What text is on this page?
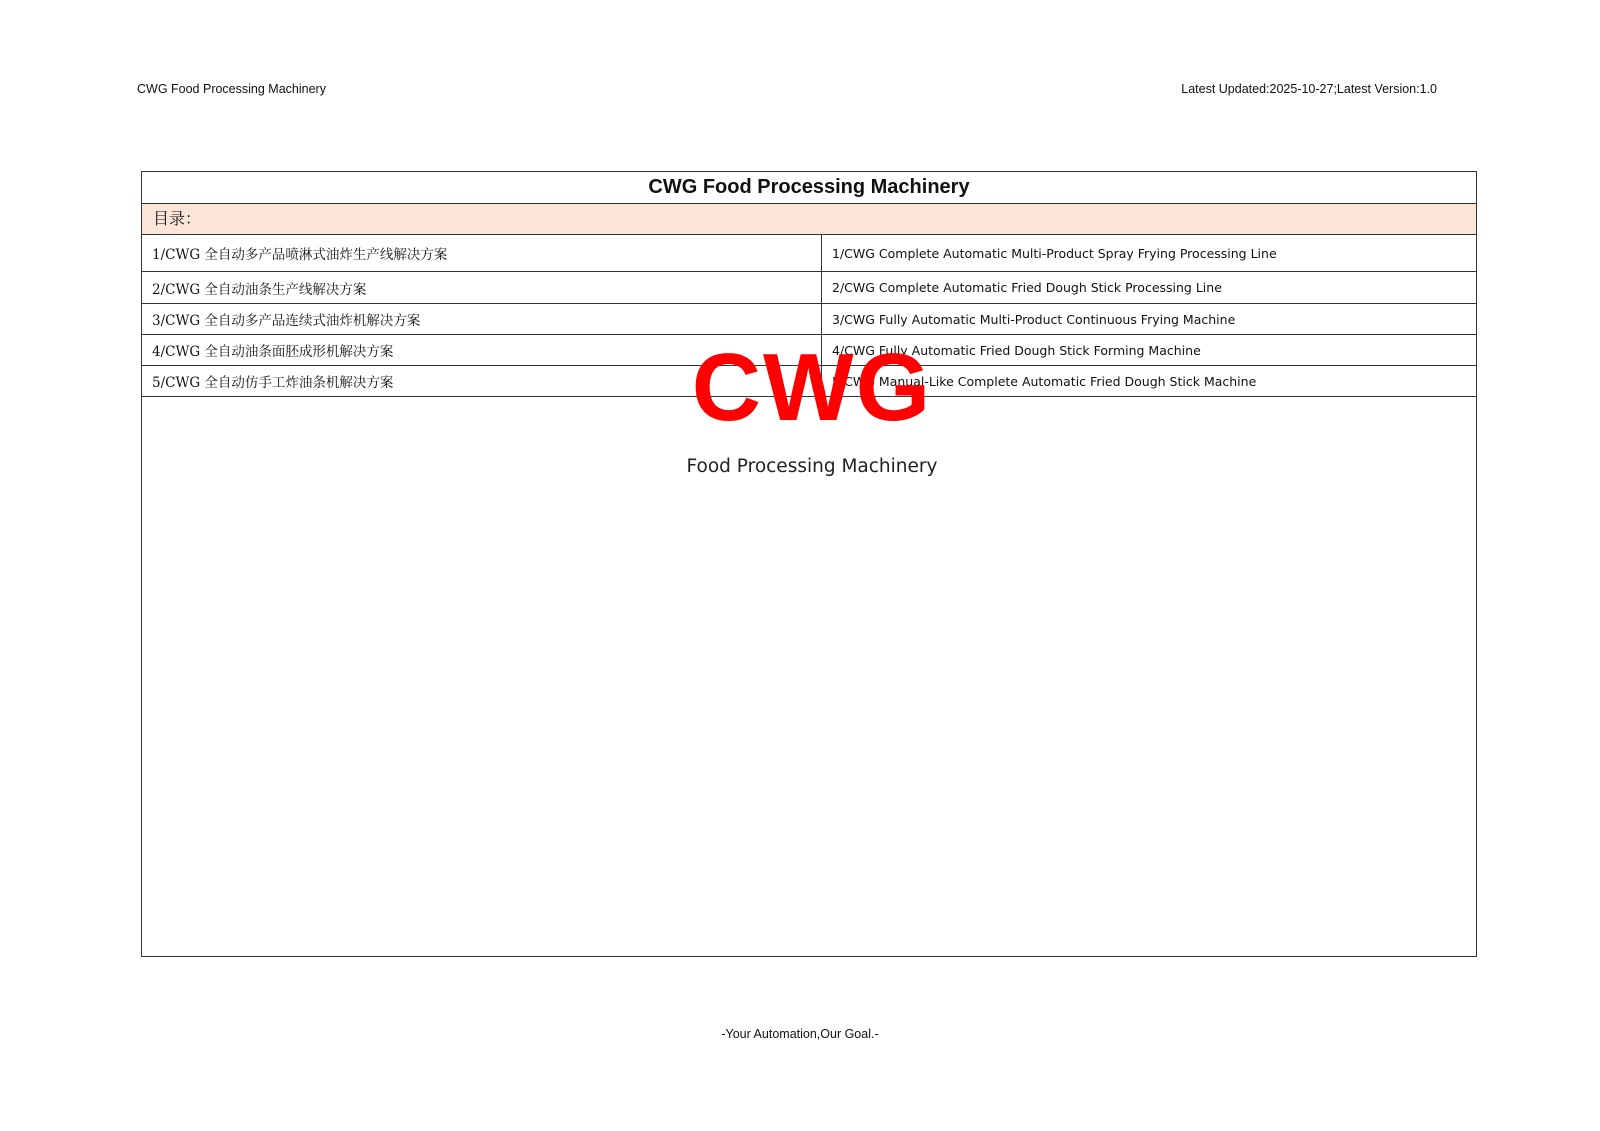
CWG Food Processing Machinery	Latest Updated:2025-10-27;Latest Version:1.0
CWG Food Processing Machinery
目录：
1/CWG 全自动多产品喷淋式油炸生产线解决方案	1/CWG Complete Automatic Multi-Product Spray Frying Processing Line
2/CWG 全自动油条生产线解决方案	2/CWG Complete Automatic Fried Dough Stick Processing Line
3/CWG 全自动多产品连续式油炸机解决方案	3/CWG Fully Automatic Multi-Product Continuous Frying Machine
4/CWG 全自动油条面胚成形机解决方案	4/CWG Fully Automatic Fried Dough Stick Forming Machine
5/CWG 全自动仿手工炸油条机解决方案	5/CWG Manual-Like Complete Automatic Fried Dough Stick Machine
CWG
Food Processing Machinery
-Your Automation,Our Goal.-
